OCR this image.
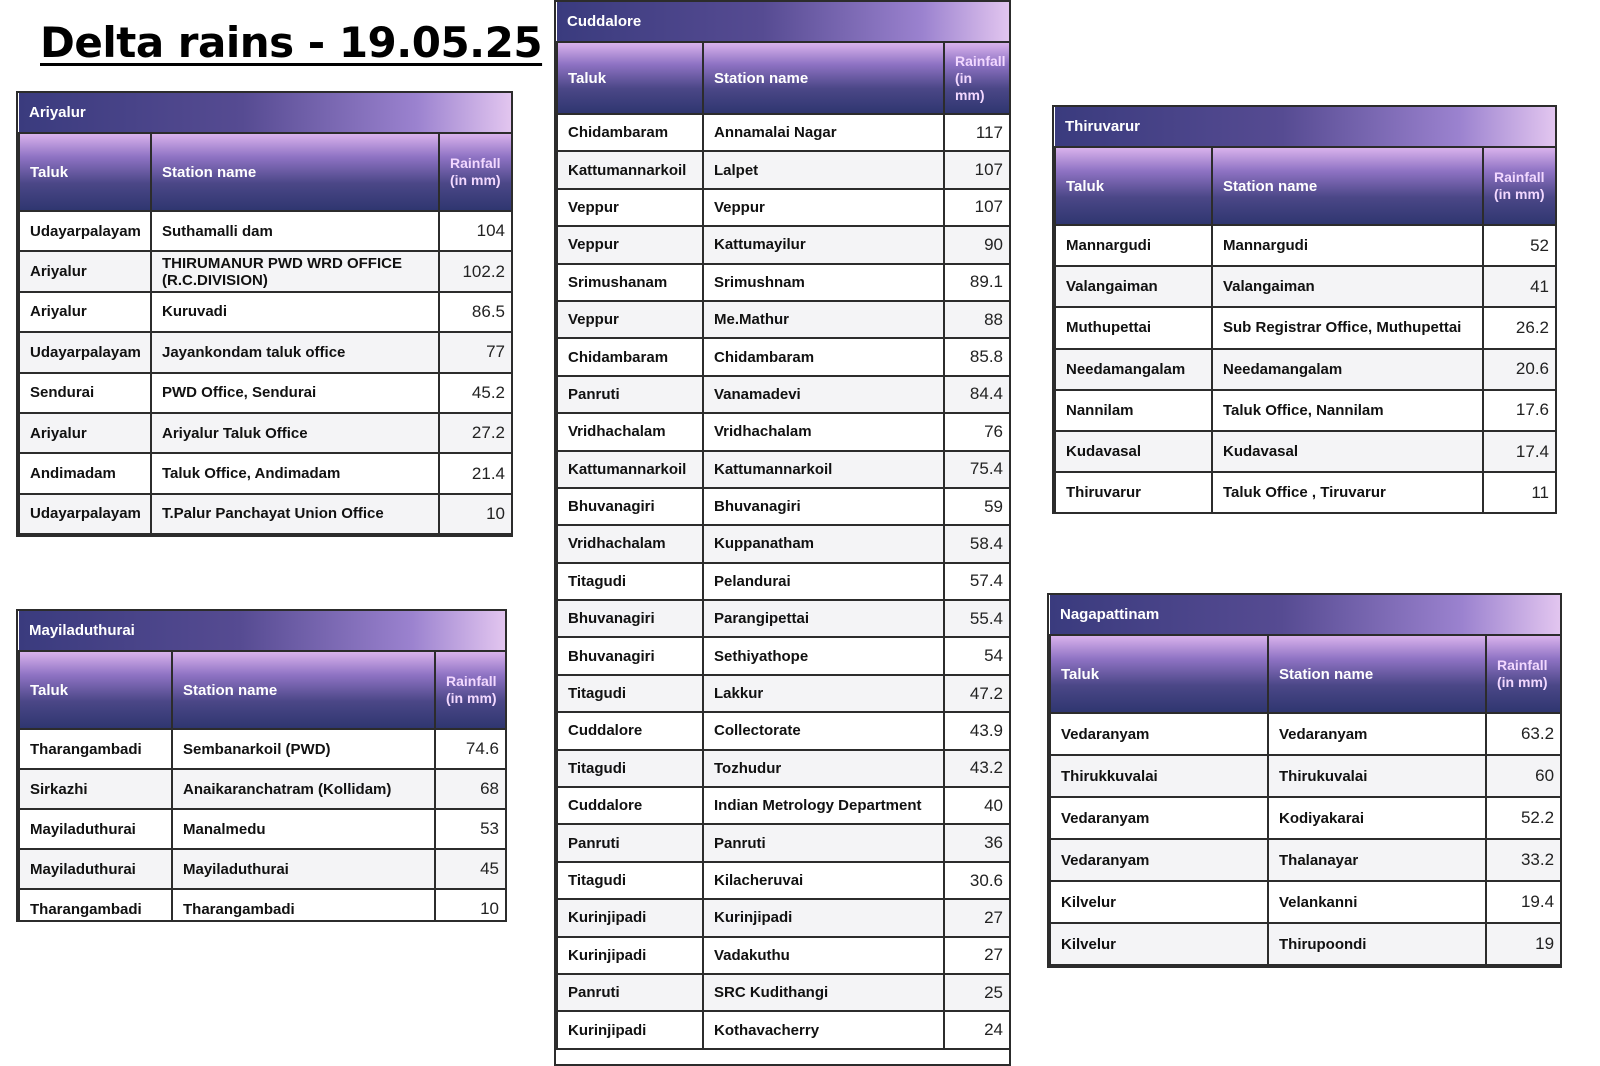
Delta rains - 19.05.25
Ariyalur		
Taluk	Station name	Rainfall (in mm)
Udayarpalayam	Suthamalli dam	104
Ariyalur	THIRUMANUR PWD WRD OFFICE (R.C.DIVISION)	102.2
Ariyalur	Kuruvadi	86.5
Udayarpalayam	Jayankondam taluk office	77
Sendurai	PWD Office, Sendurai	45.2
Ariyalur	Ariyalur Taluk Office	27.2
Andimadam	Taluk Office, Andimadam	21.4
Udayarpalayam	T.Palur Panchayat Union Office	10
Mayiladuthurai		
Taluk	Station name	Rainfall (in mm)
Tharangambadi	Sembanarkoil (PWD)	74.6
Sirkazhi	Anaikaranchatram (Kollidam)	68
Mayiladuthurai	Manalmedu	53
Mayiladuthurai	Mayiladuthurai	45
Tharangambadi	Tharangambadi	10
Cuddalore		
Taluk	Station name	Rainfall (in mm)
Chidambaram	Annamalai Nagar	117
Kattumannarkoil	Lalpet	107
Veppur	Veppur	107
Veppur	Kattumayilur	90
Srimushanam	Srimushnam	89.1
Veppur	Me.Mathur	88
Chidambaram	Chidambaram	85.8
Panruti	Vanamadevi	84.4
Vridhachalam	Vridhachalam	76
Kattumannarkoil	Kattumannarkoil	75.4
Bhuvanagiri	Bhuvanagiri	59
Vridhachalam	Kuppanatham	58.4
Titagudi	Pelandurai	57.4
Bhuvanagiri	Parangipettai	55.4
Bhuvanagiri	Sethiyathope	54
Titagudi	Lakkur	47.2
Cuddalore	Collectorate	43.9
Titagudi	Tozhudur	43.2
Cuddalore	Indian Metrology Department	40
Panruti	Panruti	36
Titagudi	Kilacheruvai	30.6
Kurinjipadi	Kurinjipadi	27
Kurinjipadi	Vadakuthu	27
Panruti	SRC Kudithangi	25
Kurinjipadi	Kothavacherry	24
Thiruvarur		
Taluk	Station name	Rainfall (in mm)
Mannargudi	Mannargudi	52
Valangaiman	Valangaiman	41
Muthupettai	Sub Registrar Office, Muthupettai	26.2
Needamangalam	Needamangalam	20.6
Nannilam	Taluk Office, Nannilam	17.6
Kudavasal	Kudavasal	17.4
Thiruvarur	Taluk Office , Tiruvarur	11
Nagapattinam		
Taluk	Station name	Rainfall (in mm)
Vedaranyam	Vedaranyam	63.2
Thirukkuvalai	Thirukuvalai	60
Vedaranyam	Kodiyakarai	52.2
Vedaranyam	Thalanayar	33.2
Kilvelur	Velankanni	19.4
Kilvelur	Thirupoondi	19
